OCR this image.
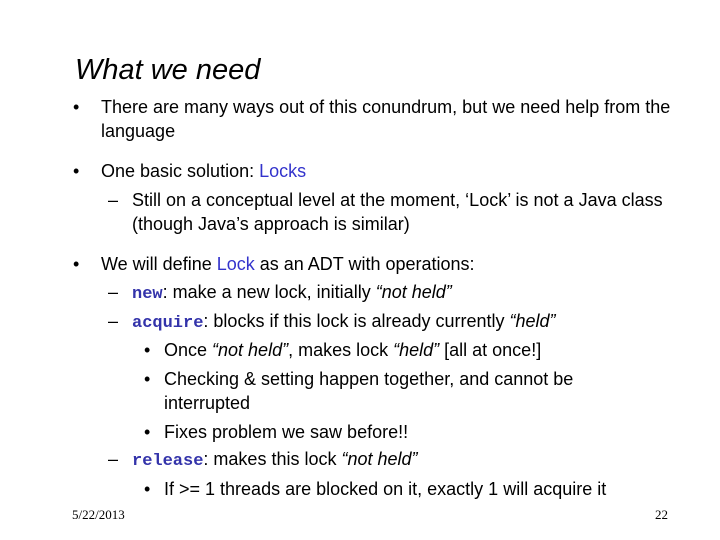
What we need
• There are many ways out of this conundrum, but we need help from the language
• One basic solution: Locks
– Still on a conceptual level at the moment, ‘Lock’ is not a Java class (though Java’s approach is similar)
• We will define Lock as an ADT with operations:
– new: make a new lock, initially “not held”
– acquire: blocks if this lock is already currently “held”
• Once “not held”, makes lock “held” [all at once!]
• Checking & setting happen together, and cannot be interrupted
• Fixes problem we saw before!!
– release: makes this lock “not held”
• If >= 1 threads are blocked on it, exactly 1 will acquire it
5/22/2013	22
